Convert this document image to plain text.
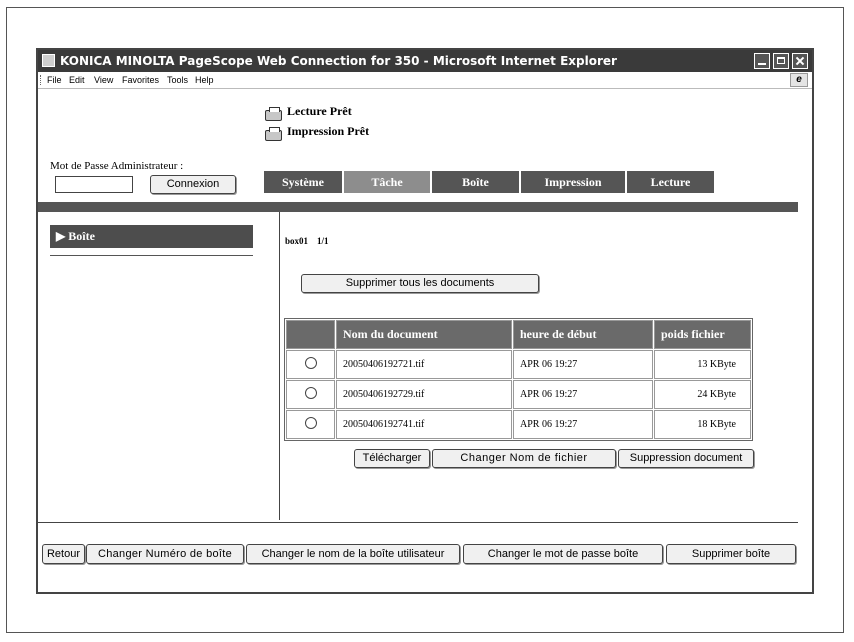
KONICA MINOLTA PageScope Web Connection for 350 - Microsoft Internet Explorer
File Edit View Favorites Tools Help	e
Lecture Prêt
Impression Prêt
Mot de Passe Administrateur :
Connexion	Système	Tâche	Boîte	Impression	Lecture
▶ Boîte	box01 1/1
Supprimer tous les documents
	Nom du document	heure de début	poids fichier
	20050406192721.tif	APR 06 19:27	13 KByte
	20050406192729.tif	APR 06 19:27	24 KByte
	20050406192741.tif	APR 06 19:27	18 KByte
Télécharger	Changer Nom de fichier	Suppression document
Retour	Changer Numéro de boîte	Changer le nom de la boîte utilisateur	Changer le mot de passe boîte	Supprimer boîte
